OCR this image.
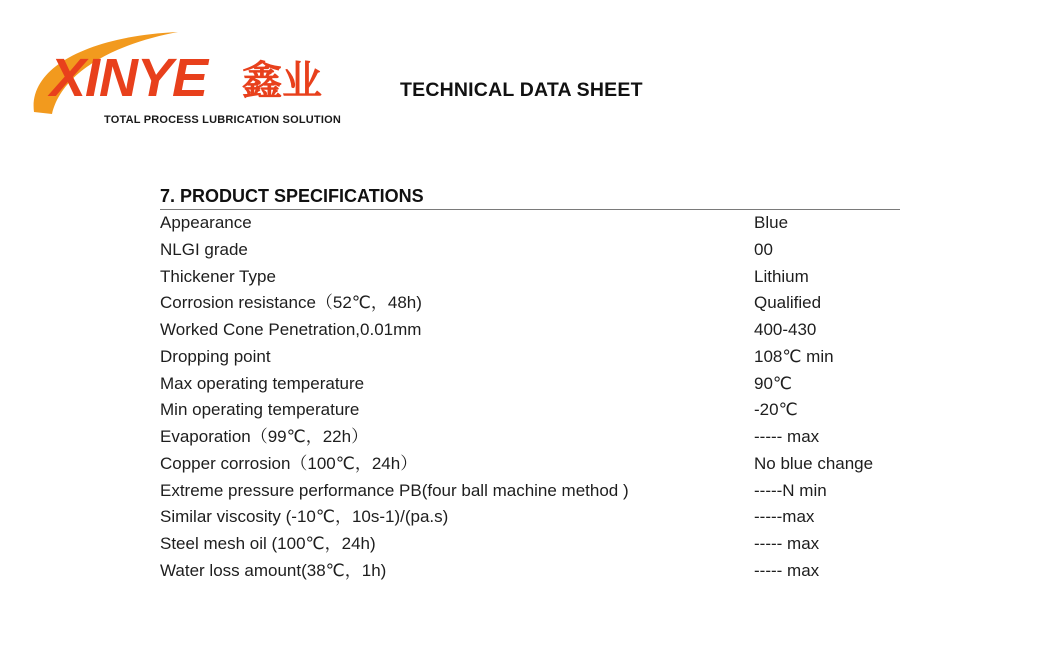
XINYE 鑫业
TOTAL PROCESS LUBRICATION SOLUTION
TECHNICAL DATA SHEET
7. PRODUCT SPECIFICATIONS
Appearance	Blue
NLGI grade	00
Thickener Type	Lithium
Corrosion resistance（52℃，48h)	Qualified
Worked Cone Penetration,0.01mm	400-430
Dropping point	108℃ min
Max operating temperature	90℃
Min operating temperature	-20℃
Evaporation（99℃，22h）	----- max
Copper corrosion（100℃，24h）	No blue change
Extreme pressure performance PB(four ball machine method )	-----N min
Similar viscosity (-10℃，10s-1)/(pa.s)	-----max
Steel mesh oil (100℃，24h)	----- max
Water loss amount(38℃，1h)	----- max
